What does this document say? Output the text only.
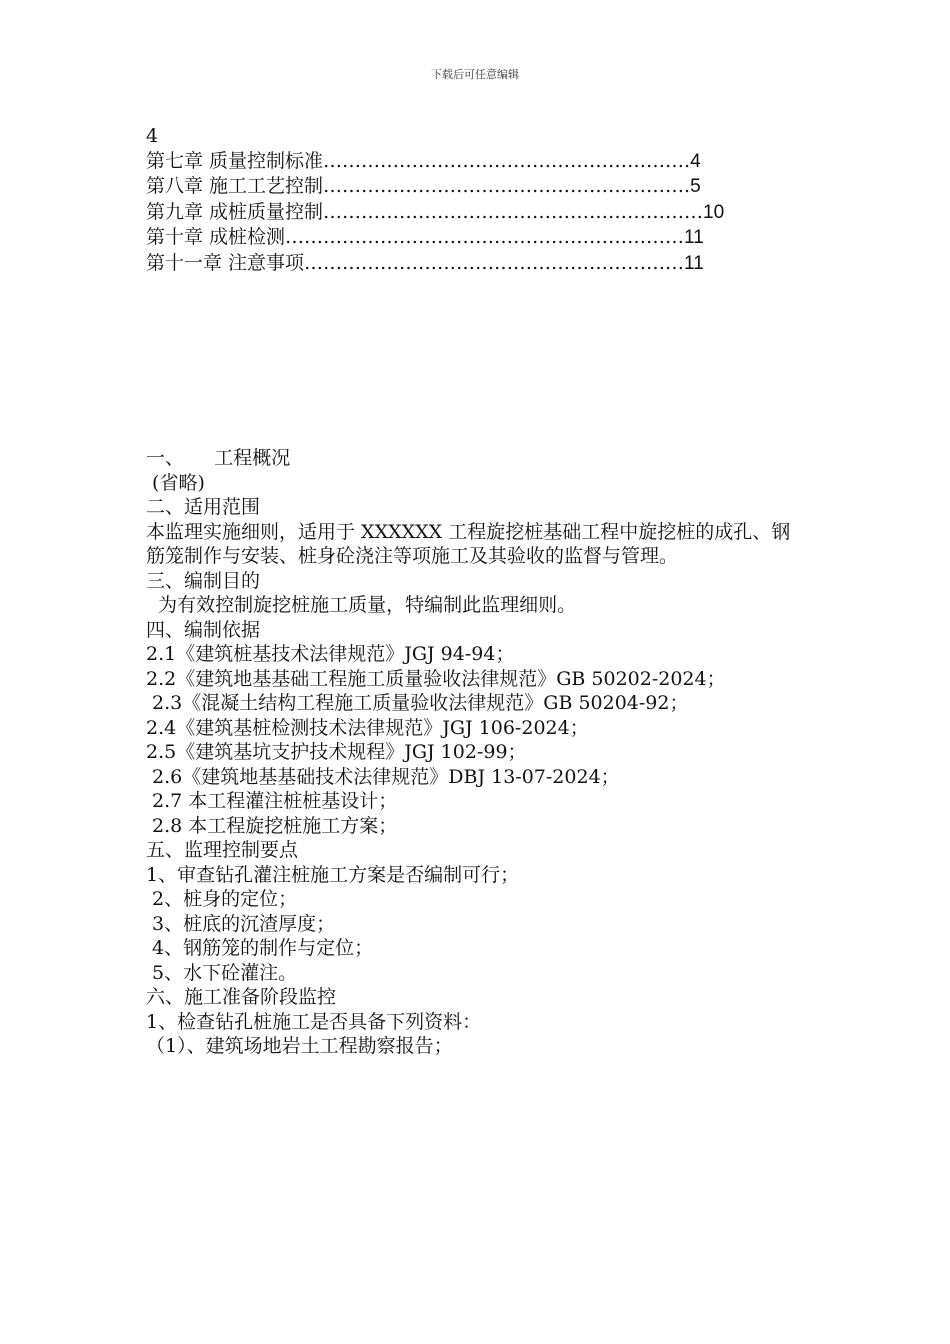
下载后可任意编辑
4
第七章 质量控制标准………………………………………………….4
第八章 施工工艺控制………………………………………………….5
第九章 成桩质量控制……………………………………………………10
第十章 成桩检测………………………………………………………11
第十一章 注意事项……………………………………………………11
一、     工程概况
(省略)
二、适用范围
本监理实施细则，适用于 XXXXXX 工程旋挖桩基础工程中旋挖桩的成孔、钢筋笼制作与安装、桩身砼浇注等项施工及其验收的监督与管理。
三、编制目的
为有效控制旋挖桩施工质量，特编制此监理细则。
四、编制依据
2.1《建筑桩基技术法律规范》JGJ 94-94；
2.2《建筑地基基础工程施工质量验收法律规范》GB 50202-2024；
2.3《混凝土结构工程施工质量验收法律规范》GB 50204-92；
2.4《建筑基桩检测技术法律规范》JGJ 106-2024；
2.5《建筑基坑支护技术规程》JGJ 102-99；
2.6《建筑地基基础技术法律规范》DBJ 13-07-2024；
2.7 本工程灌注桩桩基设计；
2.8 本工程旋挖桩施工方案；
五、监理控制要点
1、审查钻孔灌注桩施工方案是否编制可行；
2、桩身的定位；
3、桩底的沉渣厚度；
4、钢筋笼的制作与定位；
5、水下砼灌注。
六、施工准备阶段监控
1、检查钻孔桩施工是否具备下列资料：
（1）、建筑场地岩土工程勘察报告；
